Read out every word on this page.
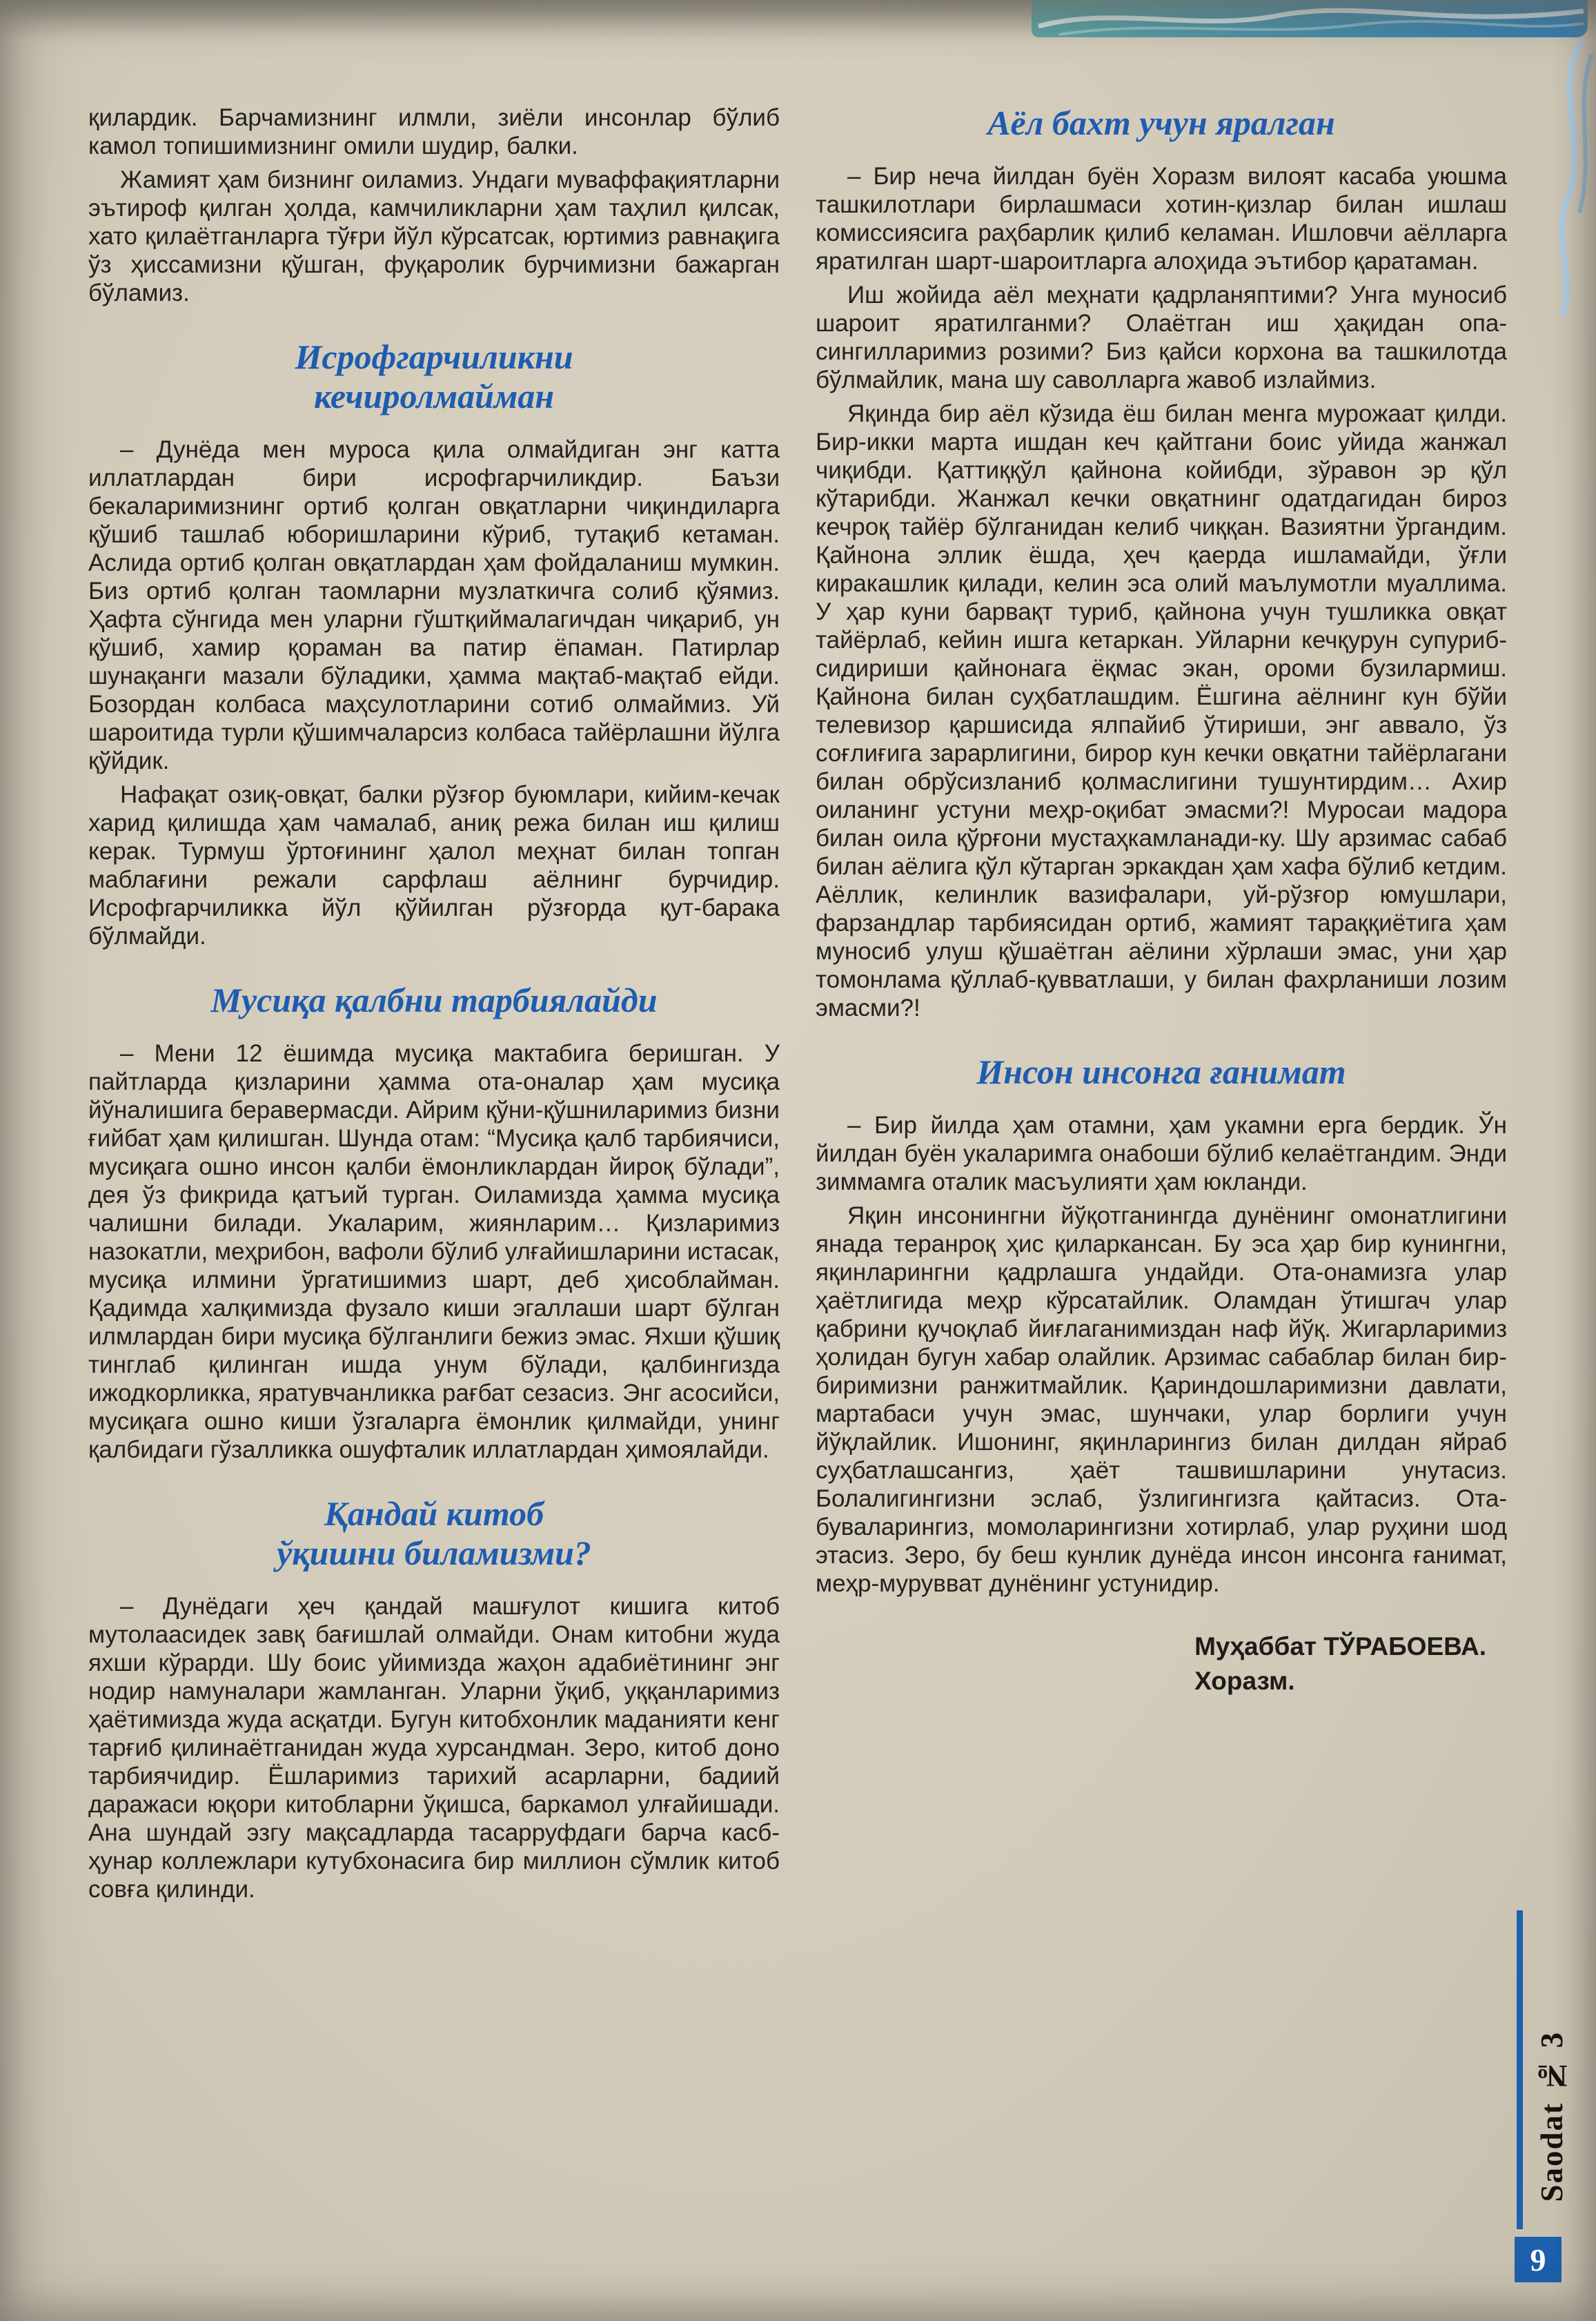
қилардик. Барчамизнинг илмли, зиёли инсонлар бўлиб камол топишимизнинг омили шудир, балки.

Жамият ҳам бизнинг оиламиз. Ундаги муваффақиятларни эътироф қилган ҳолда, камчиликларни ҳам таҳлил қилсак, хато қилаётганларга тўғри йўл кўрсатсак, юртимиз равнақига ўз ҳиссамизни қўшган, фуқаролик бурчимизни бажарган бўламиз.

Исрофгарчиликни
кечиролмайман

– Дунёда мен муроса қила олмайдиган энг катта иллатлардан бири исрофгарчиликдир. Баъзи бекаларимизнинг ортиб қолган овқатларни чиқиндиларга қўшиб ташлаб юборишларини кўриб, тутақиб кетаман. Аслида ортиб қолган овқатлардан ҳам фойдаланиш мумкин. Биз ортиб қолган таомларни музлаткичга солиб қўямиз. Ҳафта сўнгида мен уларни гўштқиймалагичдан чиқариб, ун қўшиб, хамир қораман ва патир ёпаман. Патирлар шунақанги мазали бўладики, ҳамма мақтаб-мақтаб ейди. Бозордан колбаса маҳсулотларини сотиб олмаймиз. Уй шароитида турли қўшимчаларсиз колбаса тайёрлашни йўлга қўйдик.

Нафақат озиқ-овқат, балки рўзғор буюмлари, кийим-кечак харид қилишда ҳам чамалаб, аниқ режа билан иш қилиш керак. Турмуш ўртоғининг ҳалол меҳнат билан топган маблағини режали сарфлаш аёлнинг бурчидир. Исрофгарчиликка йўл қўйилган рўзғорда қут-барака бўлмайди.

Мусиқа қалбни тарбиялайди

– Мени 12 ёшимда мусиқа мактабига беришган. У пайтларда қизларини ҳамма ота-оналар ҳам мусиқа йўналишига беравермасди. Айрим қўни-қўшниларимиз бизни ғийбат ҳам қилишган. Шунда отам: “Мусиқа қалб тарбиячиси, мусиқага ошно инсон қалби ёмонликлардан йироқ бўлади”, дея ўз фикрида қатъий турган. Оиламизда ҳамма мусиқа чалишни билади. Укаларим, жиянларим… Қизларимиз назокатли, меҳрибон, вафоли бўлиб улғайишларини истасак, мусиқа илмини ўргатишимиз шарт, деб ҳисоблайман. Қадимда халқимизда фузало киши эгаллаши шарт бўлган илмлардан бири мусиқа бўлганлиги бежиз эмас. Яхши қўшиқ тинглаб қилинган ишда унум бўлади, қалбингизда ижодкорликка, яратувчанликка рағбат сезасиз. Энг асосийси, мусиқага ошно киши ўзгаларга ёмонлик қилмайди, унинг қалбидаги гўзалликка ошуфталик иллатлардан ҳимоялайди.

Қандай китоб
ўқишни биламизми?

– Дунёдаги ҳеч қандай машғулот кишига китоб мутолаасидек завқ бағишлай олмайди. Онам китобни жуда яхши кўрарди. Шу боис уйимизда жаҳон адабиётининг энг нодир намуналари жамланган. Уларни ўқиб, уққанларимиз ҳаётимизда жуда асқатди. Бугун китобхонлик маданияти кенг тарғиб қилинаётганидан жуда хурсандман. Зеро, китоб доно тарбиячидир. Ёшларимиз тарихий асарларни, бадиий даражаси юқори китобларни ўқишса, баркамол улғайишади. Ана шундай эзгу мақсадларда тасарруфдаги барча касб-ҳунар коллежлари кутубхонасига бир миллион сўмлик китоб совға қилинди.

Аёл бахт учун яралган

– Бир неча йилдан буён Хоразм вилоят касаба уюшма ташкилотлари бирлашмаси хотин-қизлар билан ишлаш комиссиясига раҳбарлик қилиб келаман. Ишловчи аёлларга яратилган шарт-шароитларга алоҳида эътибор қаратаман.

Иш жойида аёл меҳнати қадрланяптими? Унга муносиб шароит яратилганми? Олаётган иш ҳақидан опа-сингилларимиз розими? Биз қайси корхона ва ташкилотда бўлмайлик, мана шу саволларга жавоб излаймиз.

Яқинда бир аёл кўзида ёш билан менга мурожаат қилди. Бир-икки марта ишдан кеч қайтгани боис уйида жанжал чиқибди. Қаттиққўл қайнона койибди, зўравон эр қўл кўтарибди. Жанжал кечки овқатнинг одатдагидан бироз кечроқ тайёр бўлганидан келиб чиққан. Вазиятни ўргандим. Қайнона эллик ёшда, ҳеч қаерда ишламайди, ўғли киракашлик қилади, келин эса олий маълумотли муаллима. У ҳар куни барвақт туриб, қайнона учун тушликка овқат тайёрлаб, кейин ишга кетаркан. Уйларни кечқурун супуриб-сидириши қайнонага ёқмас экан, ороми бузилармиш. Қайнона билан суҳбатлашдим. Ёшгина аёлнинг кун бўйи телевизор қаршисида ялпайиб ўтириши, энг аввало, ўз соғлиғига зарарлигини, бирор кун кечки овқатни тайёрлагани билан обрўсизланиб қолмаслигини тушунтирдим… Ахир оиланинг устуни меҳр-оқибат эмасми?! Муросаи мадора билан оила қўрғони мустаҳкамланади-ку. Шу арзимас сабаб билан аёлига қўл кўтарган эркакдан ҳам хафа бўлиб кетдим. Аёллик, келинлик вазифалари, уй-рўзғор юмушлари, фарзандлар тарбиясидан ортиб, жамият тараққиётига ҳам муносиб улуш қўшаётган аёлини хўрлаши эмас, уни ҳар томонлама қўллаб-қувватлаши, у билан фахрланиши лозим эмасми?!

Инсон инсонга ғанимат

– Бир йилда ҳам отамни, ҳам укамни ерга бердик. Ўн йилдан буён укаларимга онабоши бўлиб келаётгандим. Энди зиммамга оталик масъулияти ҳам юкланди.

Яқин инсонингни йўқотганингда дунёнинг омонатлигини янада теранроқ ҳис қиларкансан. Бу эса ҳар бир кунингни, яқинларингни қадрлашга ундайди. Ота-онамизга улар ҳаётлигида меҳр кўрсатайлик. Оламдан ўтишгач улар қабрини қучоқлаб йиғлаганимиздан наф йўқ. Жигарларимиз ҳолидан бугун хабар олайлик. Арзимас сабаблар билан бир-биримизни ранжитмайлик. Қариндошларимизни давлати, мартабаси учун эмас, шунчаки, улар борлиги учун йўқлайлик. Ишонинг, яқинларингиз билан дилдан яйраб суҳбатлашсангиз, ҳаёт ташвишларини унутасиз. Болалигингизни эслаб, ўзлигингизга қайтасиз. Ота-буваларингиз, момоларингизни хотирлаб, улар руҳини шод этасиз. Зеро, бу беш кунлик дунёда инсон инсонга ғанимат, меҳр-мурувват дунёнинг устунидир.

Муҳаббат ТЎРАБОЕВА.
Хоразм.
Saodat № 3
9
